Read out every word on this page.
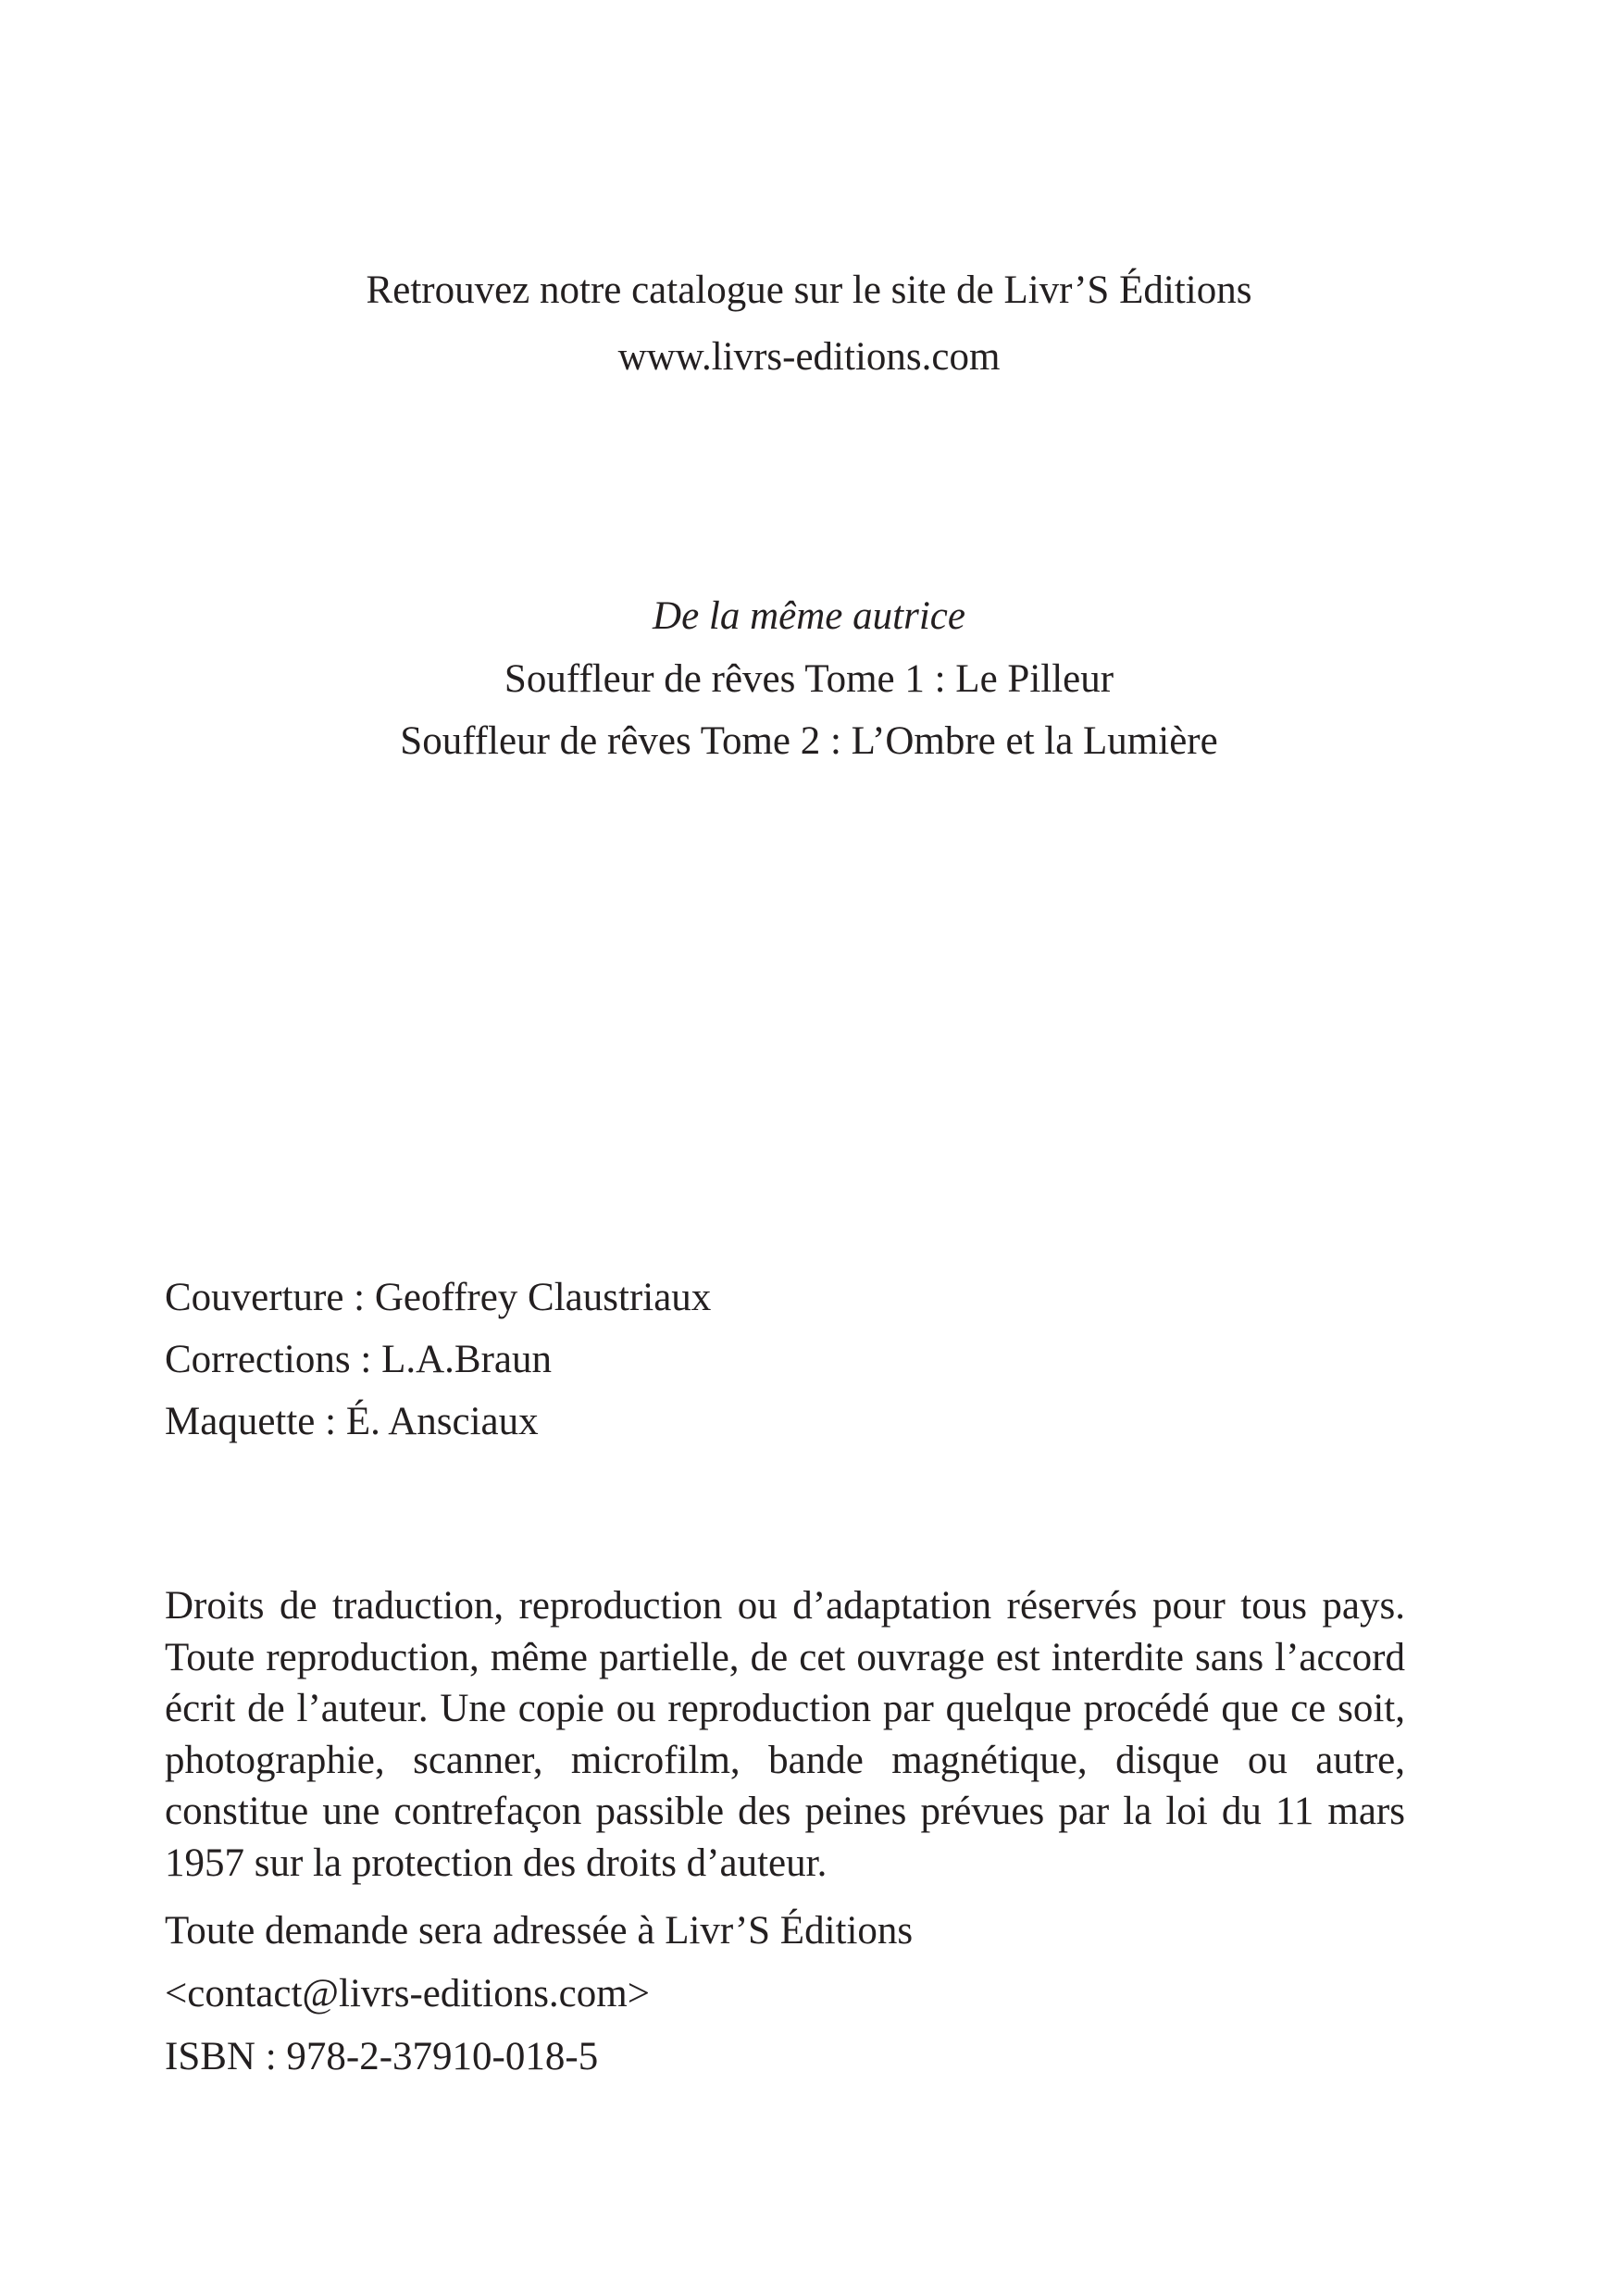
Retrouvez notre catalogue sur le site de Livr’S Éditions
www.livrs-editions.com
De la même autrice
Souffleur de rêves Tome 1 : Le Pilleur
Souffleur de rêves Tome 2 : L’Ombre et la Lumière
Couverture : Geoffrey Claustriaux
Corrections : L.A.Braun
Maquette : É. Ansciaux

Droits de traduction, reproduction ou d’adaptation réservés pour tous pays. Toute reproduction, même partielle, de cet ouvrage est interdite sans l’accord écrit de l’auteur. Une copie ou reproduction par quelque procédé que ce soit, photographie, scanner, microfilm, bande magnétique, disque ou autre, constitue une contrefaçon passible des peines prévues par la loi du 11 mars 1957 sur la protection des droits d’auteur.

Toute demande sera adressée à Livr’S Éditions
<contact@livrs-editions.com>
ISBN : 978-2-37910-018-5
